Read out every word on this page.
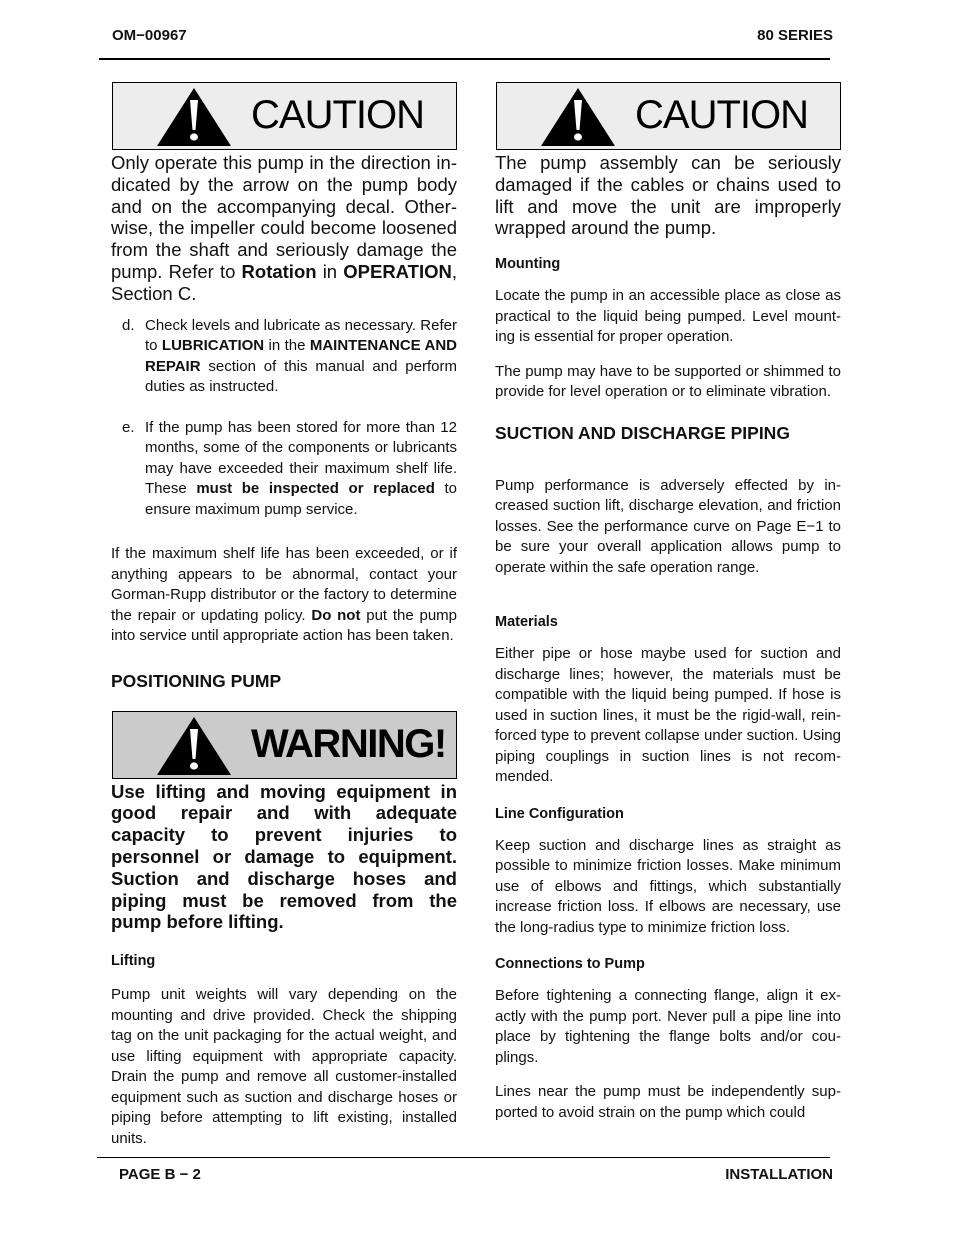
OM−00967	80 SERIES
CAUTION

Only operate this pump in the direction indicated by the arrow on the pump body and on the accompanying decal. Otherwise, the impeller could become loosened from the shaft and seriously damage the pump. Refer to Rotation in OPERATION, Section C.

d. Check levels and lubricate as necessary. Refer to LUBRICATION in the MAINTENANCE AND REPAIR section of this manual and perform duties as instructed.
e. If the pump has been stored for more than 12 months, some of the components or lubricants may have exceeded their maximum shelf life. These must be inspected or replaced to ensure maximum pump service.

If the maximum shelf life has been exceeded, or if anything appears to be abnormal, contact your Gorman-Rupp distributor or the factory to determine the repair or updating policy. Do not put the pump into service until appropriate action has been taken.

POSITIONING PUMP

WARNING!

Use lifting and moving equipment in good repair and with adequate capacity to prevent injuries to personnel or damage to equipment. Suction and discharge hoses and piping must be removed from the pump before lifting.

Lifting

Pump unit weights will vary depending on the mounting and drive provided. Check the shipping tag on the unit packaging for the actual weight, and use lifting equipment with appropriate capacity. Drain the pump and remove all customer-installed equipment such as suction and discharge hoses or piping before attempting to lift existing, installed units.

CAUTION

The pump assembly can be seriously damaged if the cables or chains used to lift and move the unit are improperly wrapped around the pump.

Mounting

Locate the pump in an accessible place as close as practical to the liquid being pumped. Level mounting is essential for proper operation.

The pump may have to be supported or shimmed to provide for level operation or to eliminate vibration.

SUCTION AND DISCHARGE PIPING

Pump performance is adversely effected by increased suction lift, discharge elevation, and friction losses. See the performance curve on Page E−1 to be sure your overall application allows pump to operate within the safe operation range.

Materials

Either pipe or hose maybe used for suction and discharge lines; however, the materials must be compatible with the liquid being pumped. If hose is used in suction lines, it must be the rigid-wall, reinforced type to prevent collapse under suction. Using piping couplings in suction lines is not recommended.

Line Configuration

Keep suction and discharge lines as straight as possible to minimize friction losses. Make minimum use of elbows and fittings, which substantially increase friction loss. If elbows are necessary, use the long-radius type to minimize friction loss.

Connections to Pump

Before tightening a connecting flange, align it exactly with the pump port. Never pull a pipe line into place by tightening the flange bolts and/or couplings.

Lines near the pump must be independently supported to avoid strain on the pump which could

PAGE B − 2	INSTALLATION
